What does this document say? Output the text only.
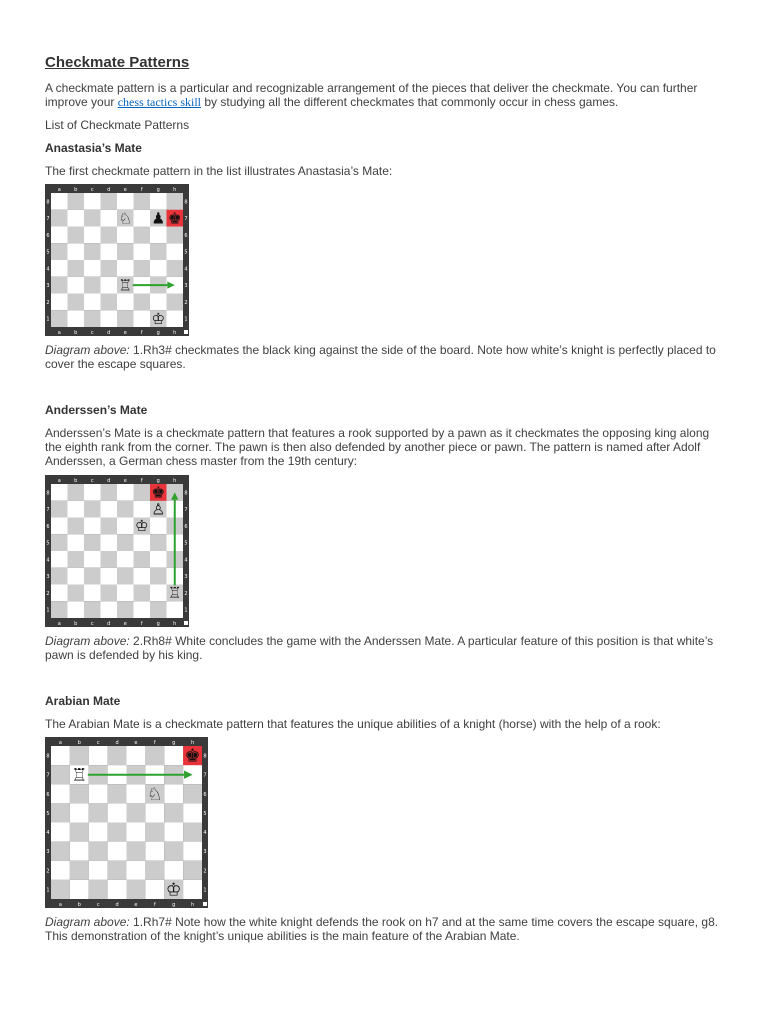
Checkmate Patterns
A checkmate pattern is a particular and recognizable arrangement of the pieces that deliver the checkmate. You can further improve your chess tactics skill by studying all the different checkmates that commonly occur in chess games.
List of Checkmate Patterns
Anastasia’s Mate
The first checkmate pattern in the list illustrates Anastasia’s Mate:
a
a
b
b
c
c
d
d
e
e
f
f
g
g
h
h
8	8
7	7
6	6
5	5
4	4
3	3
2	2
1	1
♘ ♟ ♚
♖
♔
Diagram above: 1.Rh3# checkmates the black king against the side of the board. Note how white’s knight is perfectly placed to cover the escape squares.
Anderssen’s Mate
Anderssen’s Mate is a checkmate pattern that features a rook supported by a pawn as it checkmates the opposing king along the eighth rank from the corner. The pawn is then also defended by another piece or pawn. The pattern is named after Adolf Anderssen, a German chess master from the 19th century:
a
a
b
b
c
c
d
d
e
e
f
f
g
g
h
h
8	8
7	7
6	6
5	5
4	4
3	3
2	2
1	1
♚
♙
♔
♖
Diagram above: 2.Rh8# White concludes the game with the Anderssen Mate. A particular feature of this position is that white’s pawn is defended by his king.
Arabian Mate
The Arabian Mate is a checkmate pattern that features the unique abilities of a knight (horse) with the help of a rook:
a
a
b
b
c
c
d
d
e
e
f
f
g
g
h
h
8	8
7	7
6	6
5	5
4	4
3	3
2	2
1	1
♚
♖
♘
♔
Diagram above: 1.Rh7# Note how the white knight defends the rook on h7 and at the same time covers the escape square, g8. This demonstration of the knight’s unique abilities is the main feature of the Arabian Mate.
